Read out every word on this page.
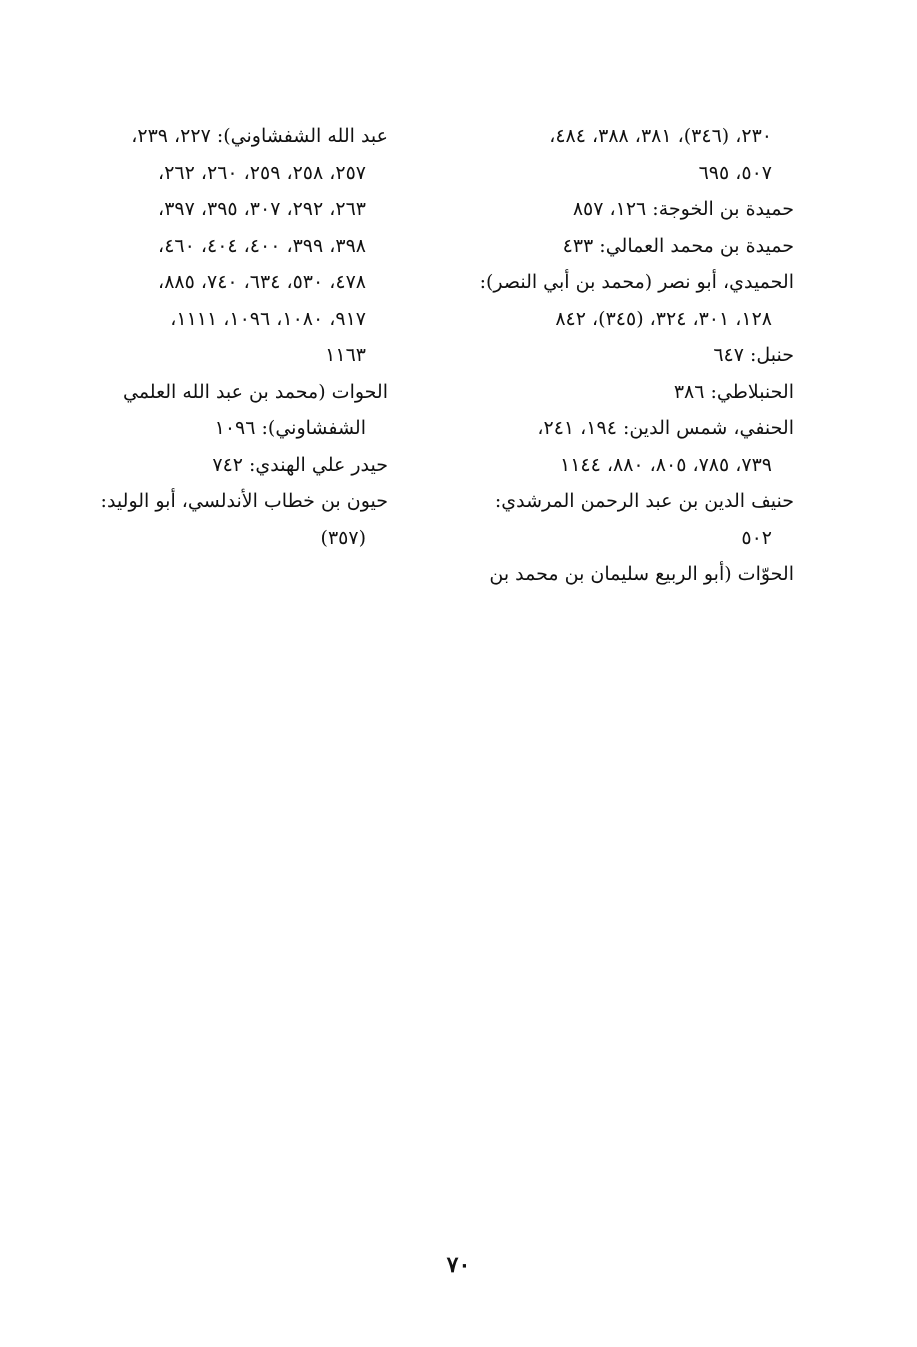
٢٣٠، (٣٤٦)، ٣٨١، ٣٨٨، ٤٨٤،
٥٠٧، ٦٩٥
حميدة بن الخوجة: ١٢٦، ٨٥٧
حميدة بن محمد العمالي: ٤٣٣
الحميدي، أبو نصر (محمد بن أبي النصر):
١٢٨، ٣٠١، ٣٢٤، (٣٤٥)، ٨٤٢
حنبل: ٦٤٧
الحنبلاطي: ٣٨٦
الحنفي، شمس الدين: ١٩٤، ٢٤١،
٧٣٩، ٧٨٥، ٨٠٥، ٨٨٠، ١١٤٤
حنيف الدين بن عبد الرحمن المرشدي:
٥٠٢
الحوّات (أبو الربيع سليمان بن محمد بن
عبد الله الشفشاوني): ٢٢٧، ٢٣٩،
٢٥٧، ٢٥٨، ٢٥٩، ٢٦٠، ٢٦٢،
٢٦٣، ٢٩٢، ٣٠٧، ٣٩٥، ٣٩٧،
٣٩٨، ٣٩٩، ٤٠٠، ٤٠٤، ٤٦٠،
٤٧٨، ٥٣٠، ٦٣٤، ٧٤٠، ٨٨٥،
٩١٧، ١٠٨٠، ١٠٩٦، ١١١١،
١١٦٣
الحوات (محمد بن عبد الله العلمي
الشفشاوني): ١٠٩٦
حيدر علي الهندي: ٧٤٢
حيون بن خطاب الأندلسي، أبو الوليد:
(٣٥٧)
٧٠
